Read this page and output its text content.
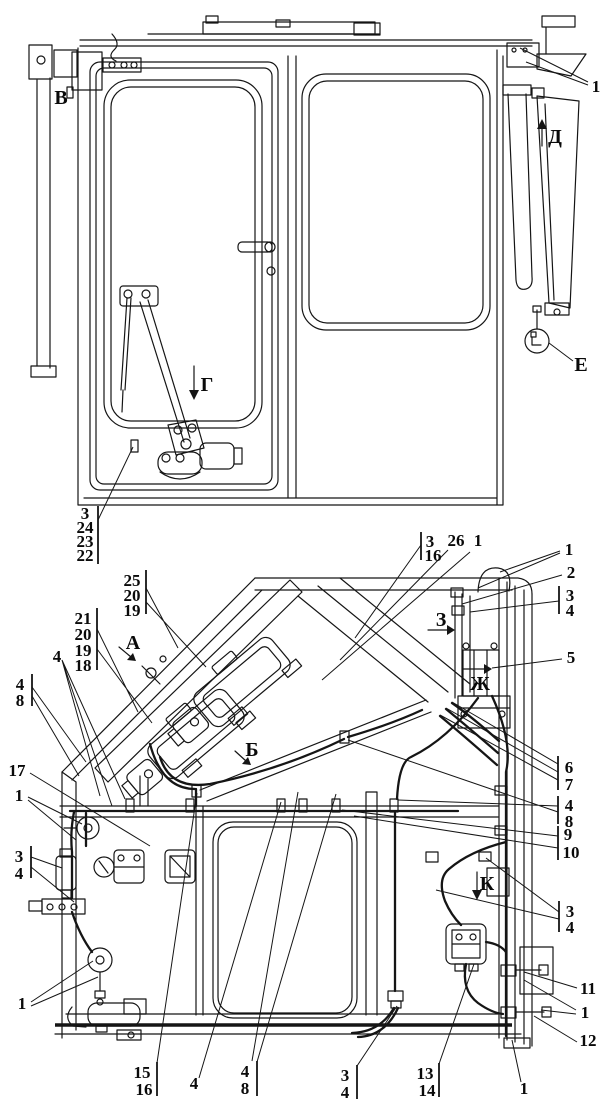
В
1
Д
Г
Е
3
24
23
22
А
Б
Ж
З
К
3
16
26 1	1
2
3
4
5
6
7
4
8
9
10
3
4
11
1
12
1
13
14
3
4
4
8
4
15
16
17
1
3
4
1
4
4
8
25
20
19
21
20
19
18
